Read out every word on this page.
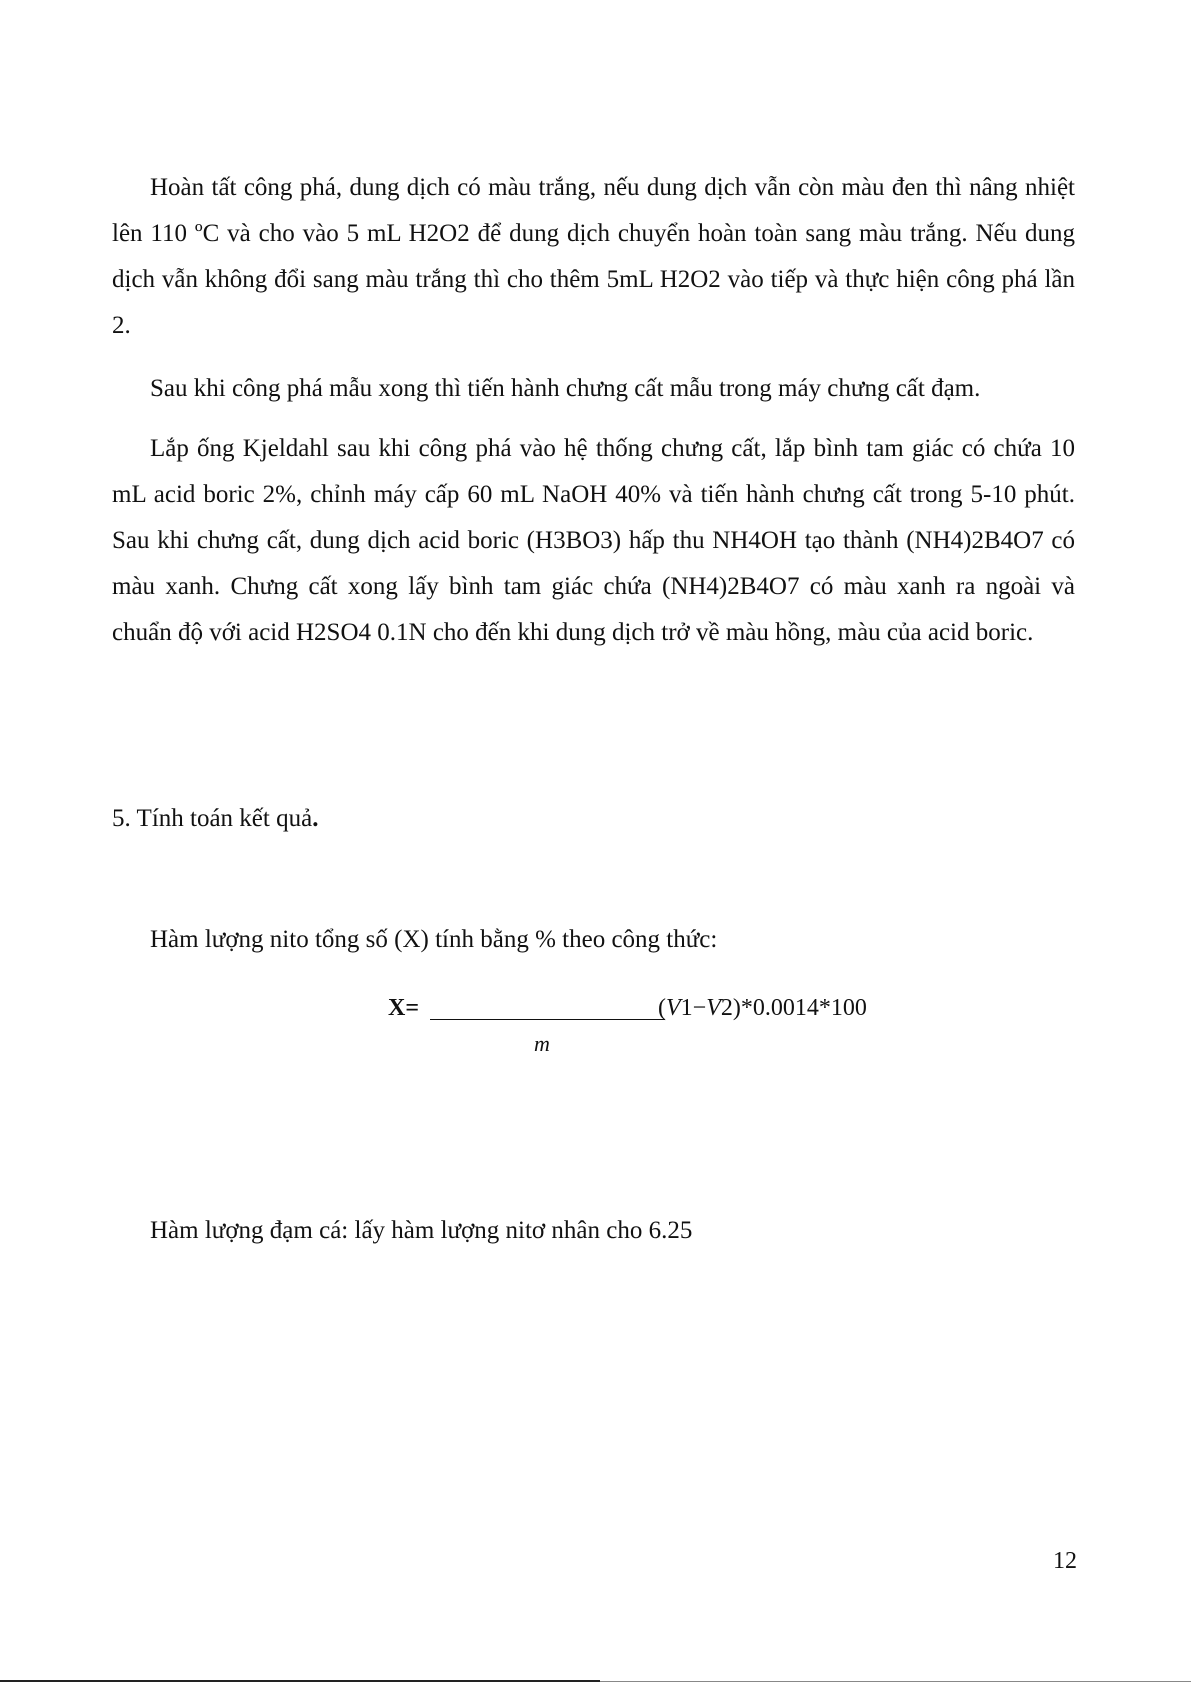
Hoàn tất công phá, dung dịch có màu trắng, nếu dung dịch vẫn còn màu đen thì nâng nhiệt lên 110 ºC và cho vào 5 mL H2O2 để dung dịch chuyển hoàn toàn sang màu trắng. Nếu dung dịch vẫn không đổi sang màu trắng thì cho thêm 5mL H2O2 vào tiếp và thực hiện công phá lần 2.

Sau khi công phá mẫu xong thì tiến hành chưng cất mẫu trong máy chưng cất đạm.

Lắp ống Kjeldahl sau khi công phá vào hệ thống chưng cất, lắp bình tam giác có chứa 10 mL acid boric 2%, chỉnh máy cấp 60 mL NaOH 40% và tiến hành chưng cất trong 5-10 phút. Sau khi chưng cất, dung dịch acid boric (H3BO3) hấp thu NH4OH tạo thành (NH4)2B4O7 có màu xanh. Chưng cất xong lấy bình tam giác chứa (NH4)2B4O7 có màu xanh ra ngoài và chuẩn độ với acid H2SO4 0.1N cho đến khi dung dịch trở về màu hồng, màu của acid boric.

5. Tính toán kết quả.

Hàm lượng nito tổng số (X) tính bằng % theo công thức:

X=	(V1−V2)*0.0014*100
m

Hàm lượng đạm cá: lấy hàm lượng nitơ nhân cho 6.25

12
